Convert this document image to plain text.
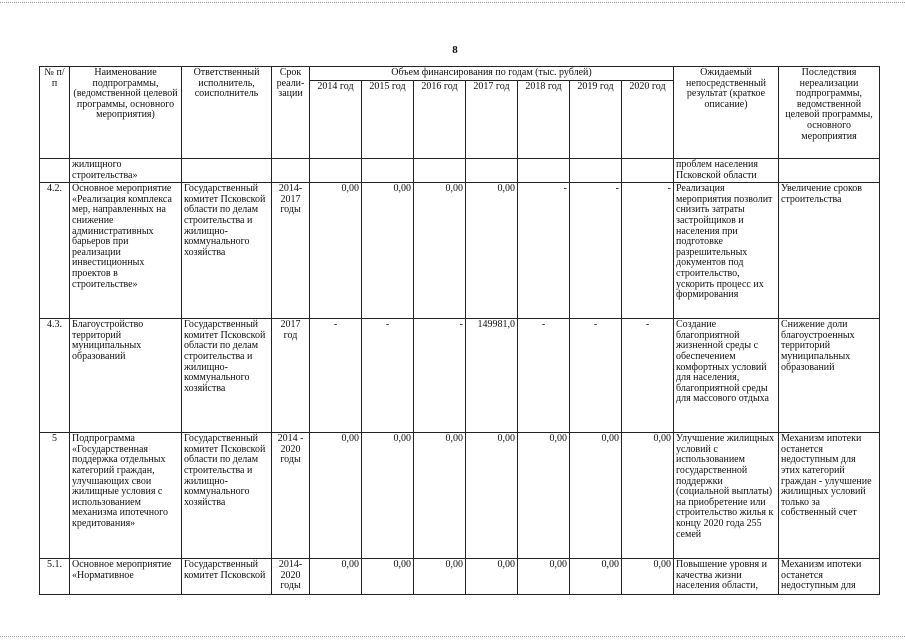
8
№ п/п	Наименование подпрограммы, (ведомственной целевой программы, основного мероприятия)	Ответственный исполнитель, соисполнитель	Срок реали-зации	Объем финансирования по годам (тыс. рублей)							Ожидаемый непосредственный результат (краткое описание)	Последствия нереализации подпрограммы, ведомственной целевой программы, основного мероприятия
				2014 год	2015 год	2016 год	2017 год	2018 год	2019 год	2020 год		
	жилищного строительства»										проблем населения Псковской области	
4.2.	Основное мероприятие «Реализация комплекса мер, направленных на снижение административных барьеров при реализации инвестиционных проектов в строительстве»	Государственный комитет Псковской области по делам строительства и жилищно-коммунального хозяйства	2014-2017 годы	0,00	0,00	0,00	0,00	-	-	-	Реализация мероприятия позволит снизить затраты застройщиков и населения при подготовке разрешительных документов под строительство, ускорить процесс их формирования	Увеличение сроков строительства
4.3.	Благоустройство территорий муниципальных образований	Государственный комитет Псковской области по делам строительства и жилищно-коммунального хозяйства	2017 год	-	-	-	149981,0	-	-	-	Создание благоприятной жизненной среды с обеспечением комфортных условий для населения, благоприятной среды для массового отдыха	Снижение доли благоустроенных территорий муниципальных образований
5	Подпрограмма «Государственная поддержка отдельных категорий граждан, улучшающих свои жилищные условия с использованием механизма ипотечного кредитования»	Государственный комитет Псковской области по делам строительства и жилищно-коммунального хозяйства	2014 - 2020 годы	0,00	0,00	0,00	0,00	0,00	0,00	0,00	Улучшение жилищных условий с использованием государственной поддержки (социальной выплаты) на приобретение или строительство жилья к концу 2020 года 255 семей	Механизм ипотеки останется недоступным для этих категорий граждан - улучшение жилищных условий только за собственный счет
5.1.	Основное мероприятие «Нормативное	Государственный комитет Псковской	2014-2020 годы	0,00	0,00	0,00	0,00	0,00	0,00	0,00	Повышение уровня и качества жизни населения области,	Механизм ипотеки останется недоступным для
